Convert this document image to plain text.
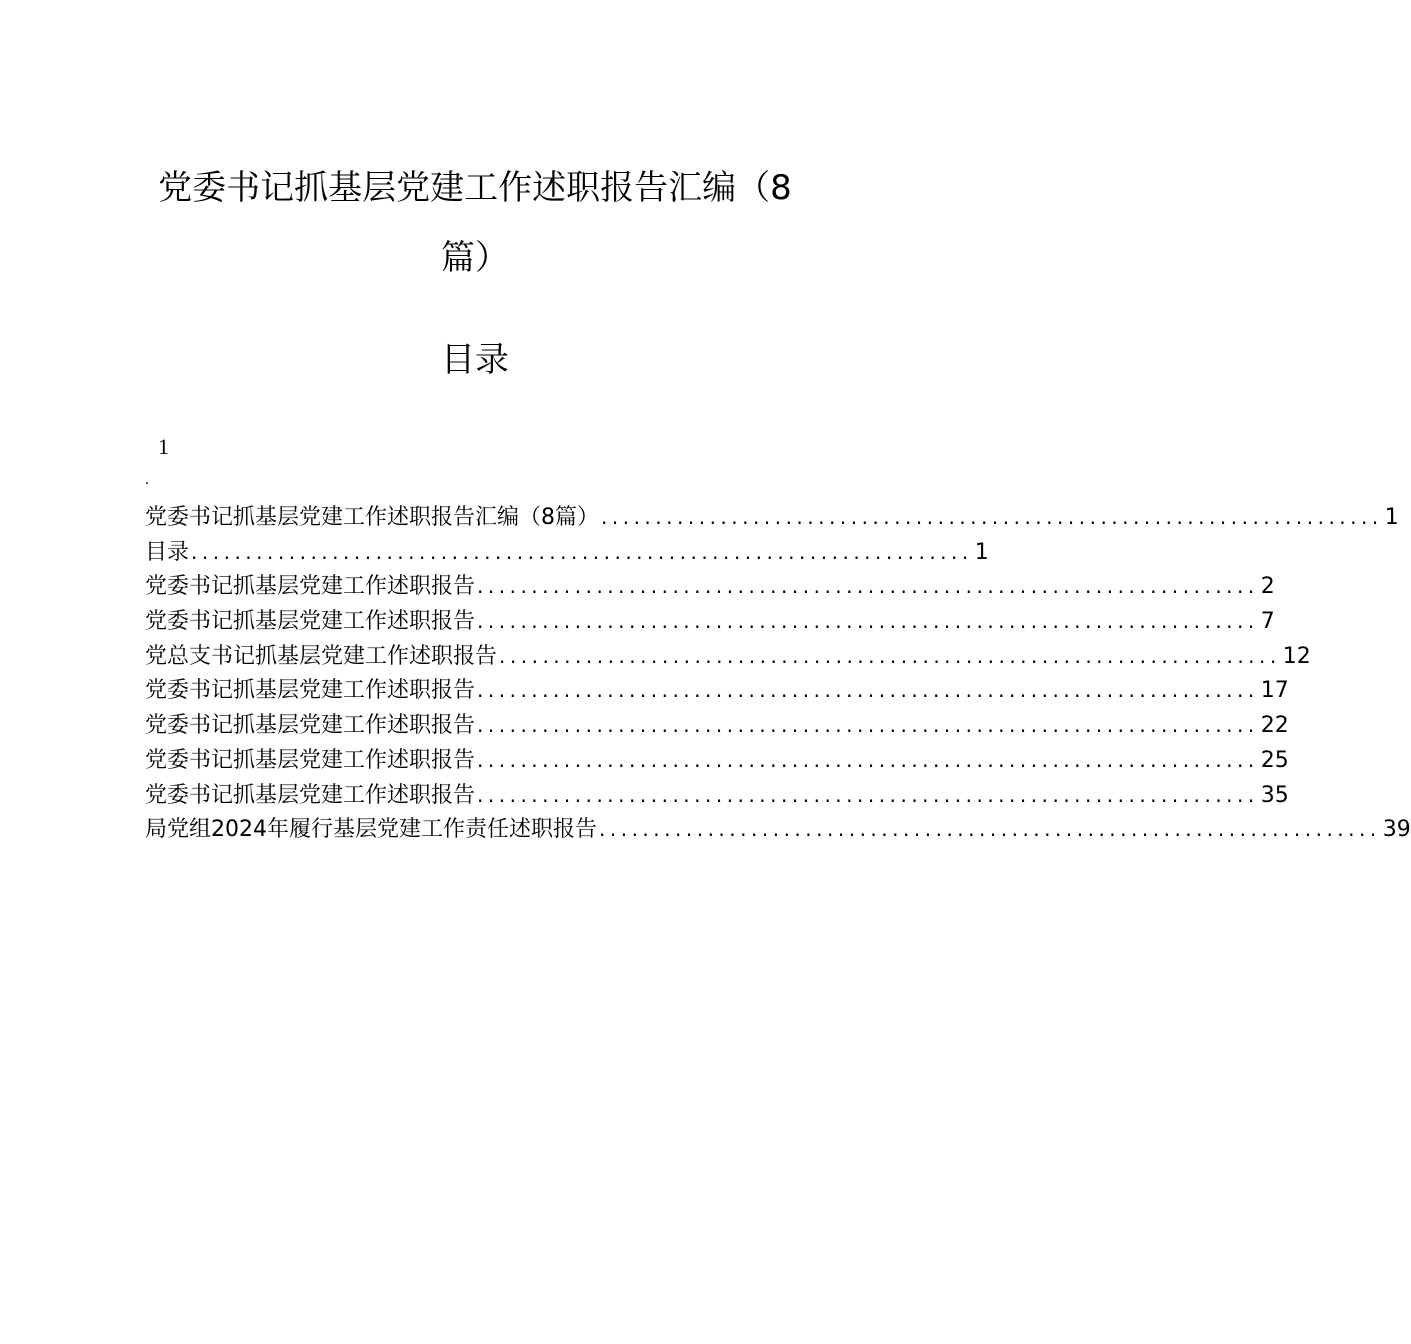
党委书记抓基层党建工作述职报告汇编（8
篇）
目录
1
.
党委书记抓基层党建工作述职报告汇编（8篇） ........................................................................ 1
目录 ........................................................................ 1
党委书记抓基层党建工作述职报告 ........................................................................ 2
党委书记抓基层党建工作述职报告 ........................................................................ 7
党总支书记抓基层党建工作述职报告 ........................................................................ 12
党委书记抓基层党建工作述职报告 ........................................................................ 17
党委书记抓基层党建工作述职报告 ........................................................................ 22
党委书记抓基层党建工作述职报告 ........................................................................ 25
党委书记抓基层党建工作述职报告 ........................................................................ 35
局党组2024年履行基层党建工作责任述职报告 ........................................................................ 39
